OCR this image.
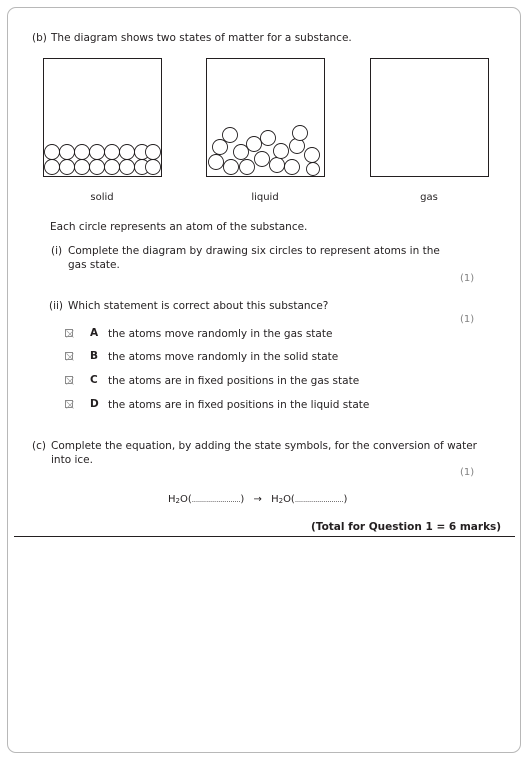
(b) The diagram shows two states of matter for a substance.
solid	liquid	gas
Each circle represents an atom of the substance.
(i) Complete the diagram by drawing six circles to represent atoms in the
gas state.
(1)
(ii) Which statement is correct about this substance?
(1)
A the atoms move randomly in the gas state
B the atoms move randomly in the solid state
C the atoms are in fixed positions in the gas state
D the atoms are in fixed positions in the liquid state
(c) Complete the equation, by adding the state symbols, for the conversion of water
into ice.
(1)
$H_2O(........................) \to H_2O(........................)$
(Total for Question 1 = 6 marks)
